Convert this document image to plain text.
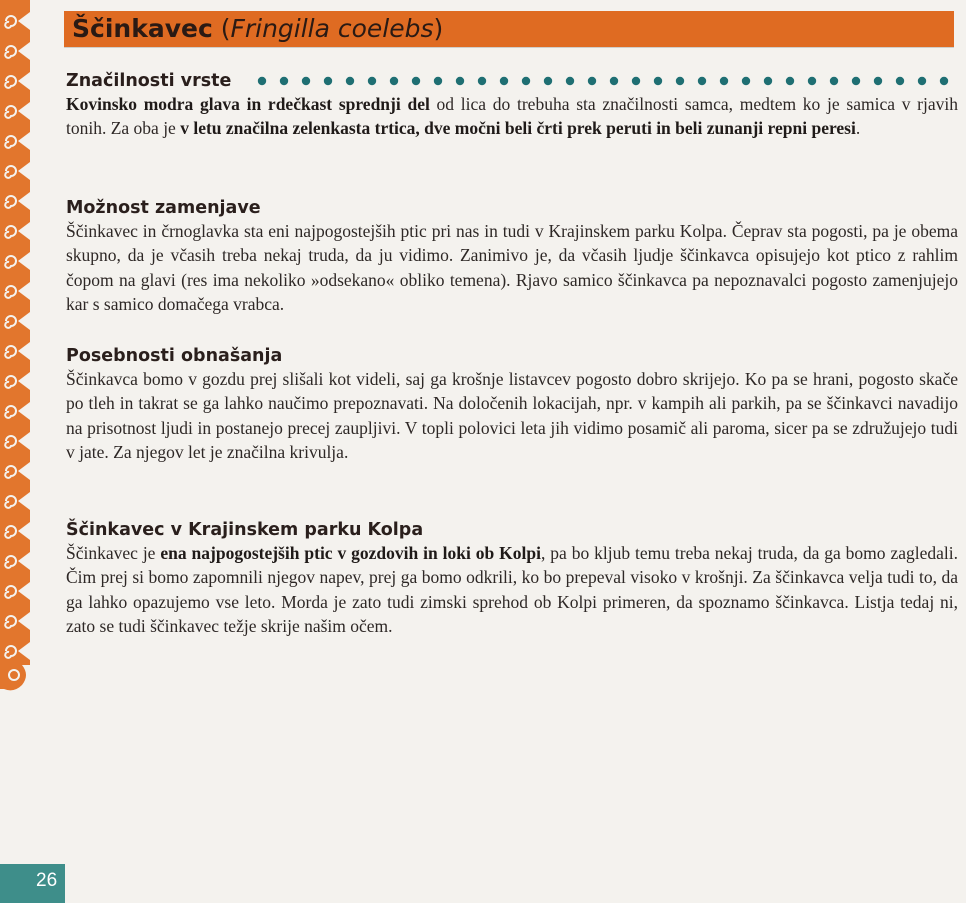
Ščinkavec (Fringilla coelebs)
Značilnosti vrste

Kovinsko modra glava in rdečkast sprednji del od lica do trebuha sta značilnosti samca, medtem ko je samica v rjavih tonih. Za oba je v letu značilna zelenkasta trtica, dve močni beli črti prek peruti in beli zunanji repni peresi.

Možnost zamenjave

Ščinkavec in črnoglavka sta eni najpogostejših ptic pri nas in tudi v Krajinskem parku Kolpa. Čeprav sta pogosti, pa je obema skupno, da je včasih treba nekaj truda, da ju vidimo. Zanimivo je, da včasih ljudje ščinkavca opisujejo kot ptico z rahlim čopom na glavi (res ima nekoliko »odsekano« obliko temena). Rjavo samico ščinkavca pa nepoznavalci pogosto zamenjujejo kar s samico domačega vrabca.

Posebnosti obnašanja

Ščinkavca bomo v gozdu prej slišali kot videli, saj ga krošnje listavcev pogosto dobro skrijejo. Ko pa se hrani, pogosto skače po tleh in takrat se ga lahko naučimo prepoznavati. Na določenih lokacijah, npr. v kampih ali parkih, pa se ščinkavci navadijo na prisotnost ljudi in postanejo precej zaupljivi. V topli polovici leta jih vidimo posamič ali paroma, sicer pa se združujejo tudi v jate. Za njegov let je značilna krivulja.

Ščinkavec v Krajinskem parku Kolpa

Ščinkavec je ena najpogostejših ptic v gozdovih in loki ob Kolpi, pa bo kljub temu treba nekaj truda, da ga bomo zagledali. Čim prej si bomo zapomnili njegov napev, prej ga bomo odkrili, ko bo prepeval visoko v krošnji. Za ščinkavca velja tudi to, da ga lahko opazujemo vse leto. Morda je zato tudi zimski sprehod ob Kolpi primeren, da spoznamo ščinkavca. Listja tedaj ni, zato se tudi ščinkavec težje skrije našim očem.

26
